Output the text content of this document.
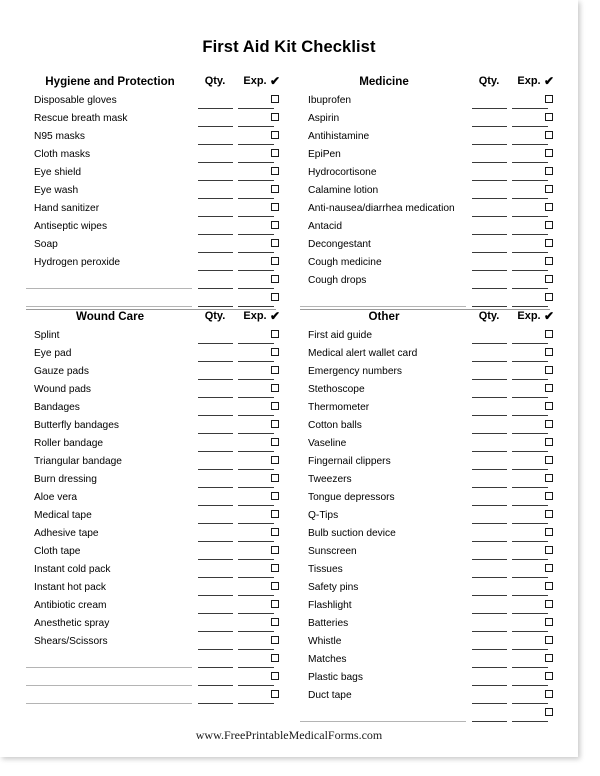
First Aid Kit Checklist
Hygiene and Protection	Qty.	Exp. ✔
Disposable gloves
Rescue breath mask
N95 masks
Cloth masks
Eye shield
Eye wash
Hand sanitizer
Antiseptic wipes
Soap
Hydrogen peroxide
Wound Care	Qty.	Exp. ✔
Splint
Eye pad
Gauze pads
Wound pads
Bandages
Butterfly bandages
Roller bandage
Triangular bandage
Burn dressing
Aloe vera
Medical tape
Adhesive tape
Cloth tape
Instant cold pack
Instant hot pack
Antibiotic cream
Anesthetic spray
Shears/Scissors
Medicine	Qty.	Exp. ✔
Ibuprofen
Aspirin
Antihistamine
EpiPen
Hydrocortisone
Calamine lotion
Anti-nausea/diarrhea medication
Antacid
Decongestant
Cough medicine
Cough drops
Other	Qty.	Exp. ✔
First aid guide
Medical alert wallet card
Emergency numbers
Stethoscope
Thermometer
Cotton balls
Vaseline
Fingernail clippers
Tweezers
Tongue depressors
Q-Tips
Bulb suction device
Sunscreen
Tissues
Safety pins
Flashlight
Batteries
Whistle
Matches
Plastic bags
Duct tape
www.FreePrintableMedicalForms.com
